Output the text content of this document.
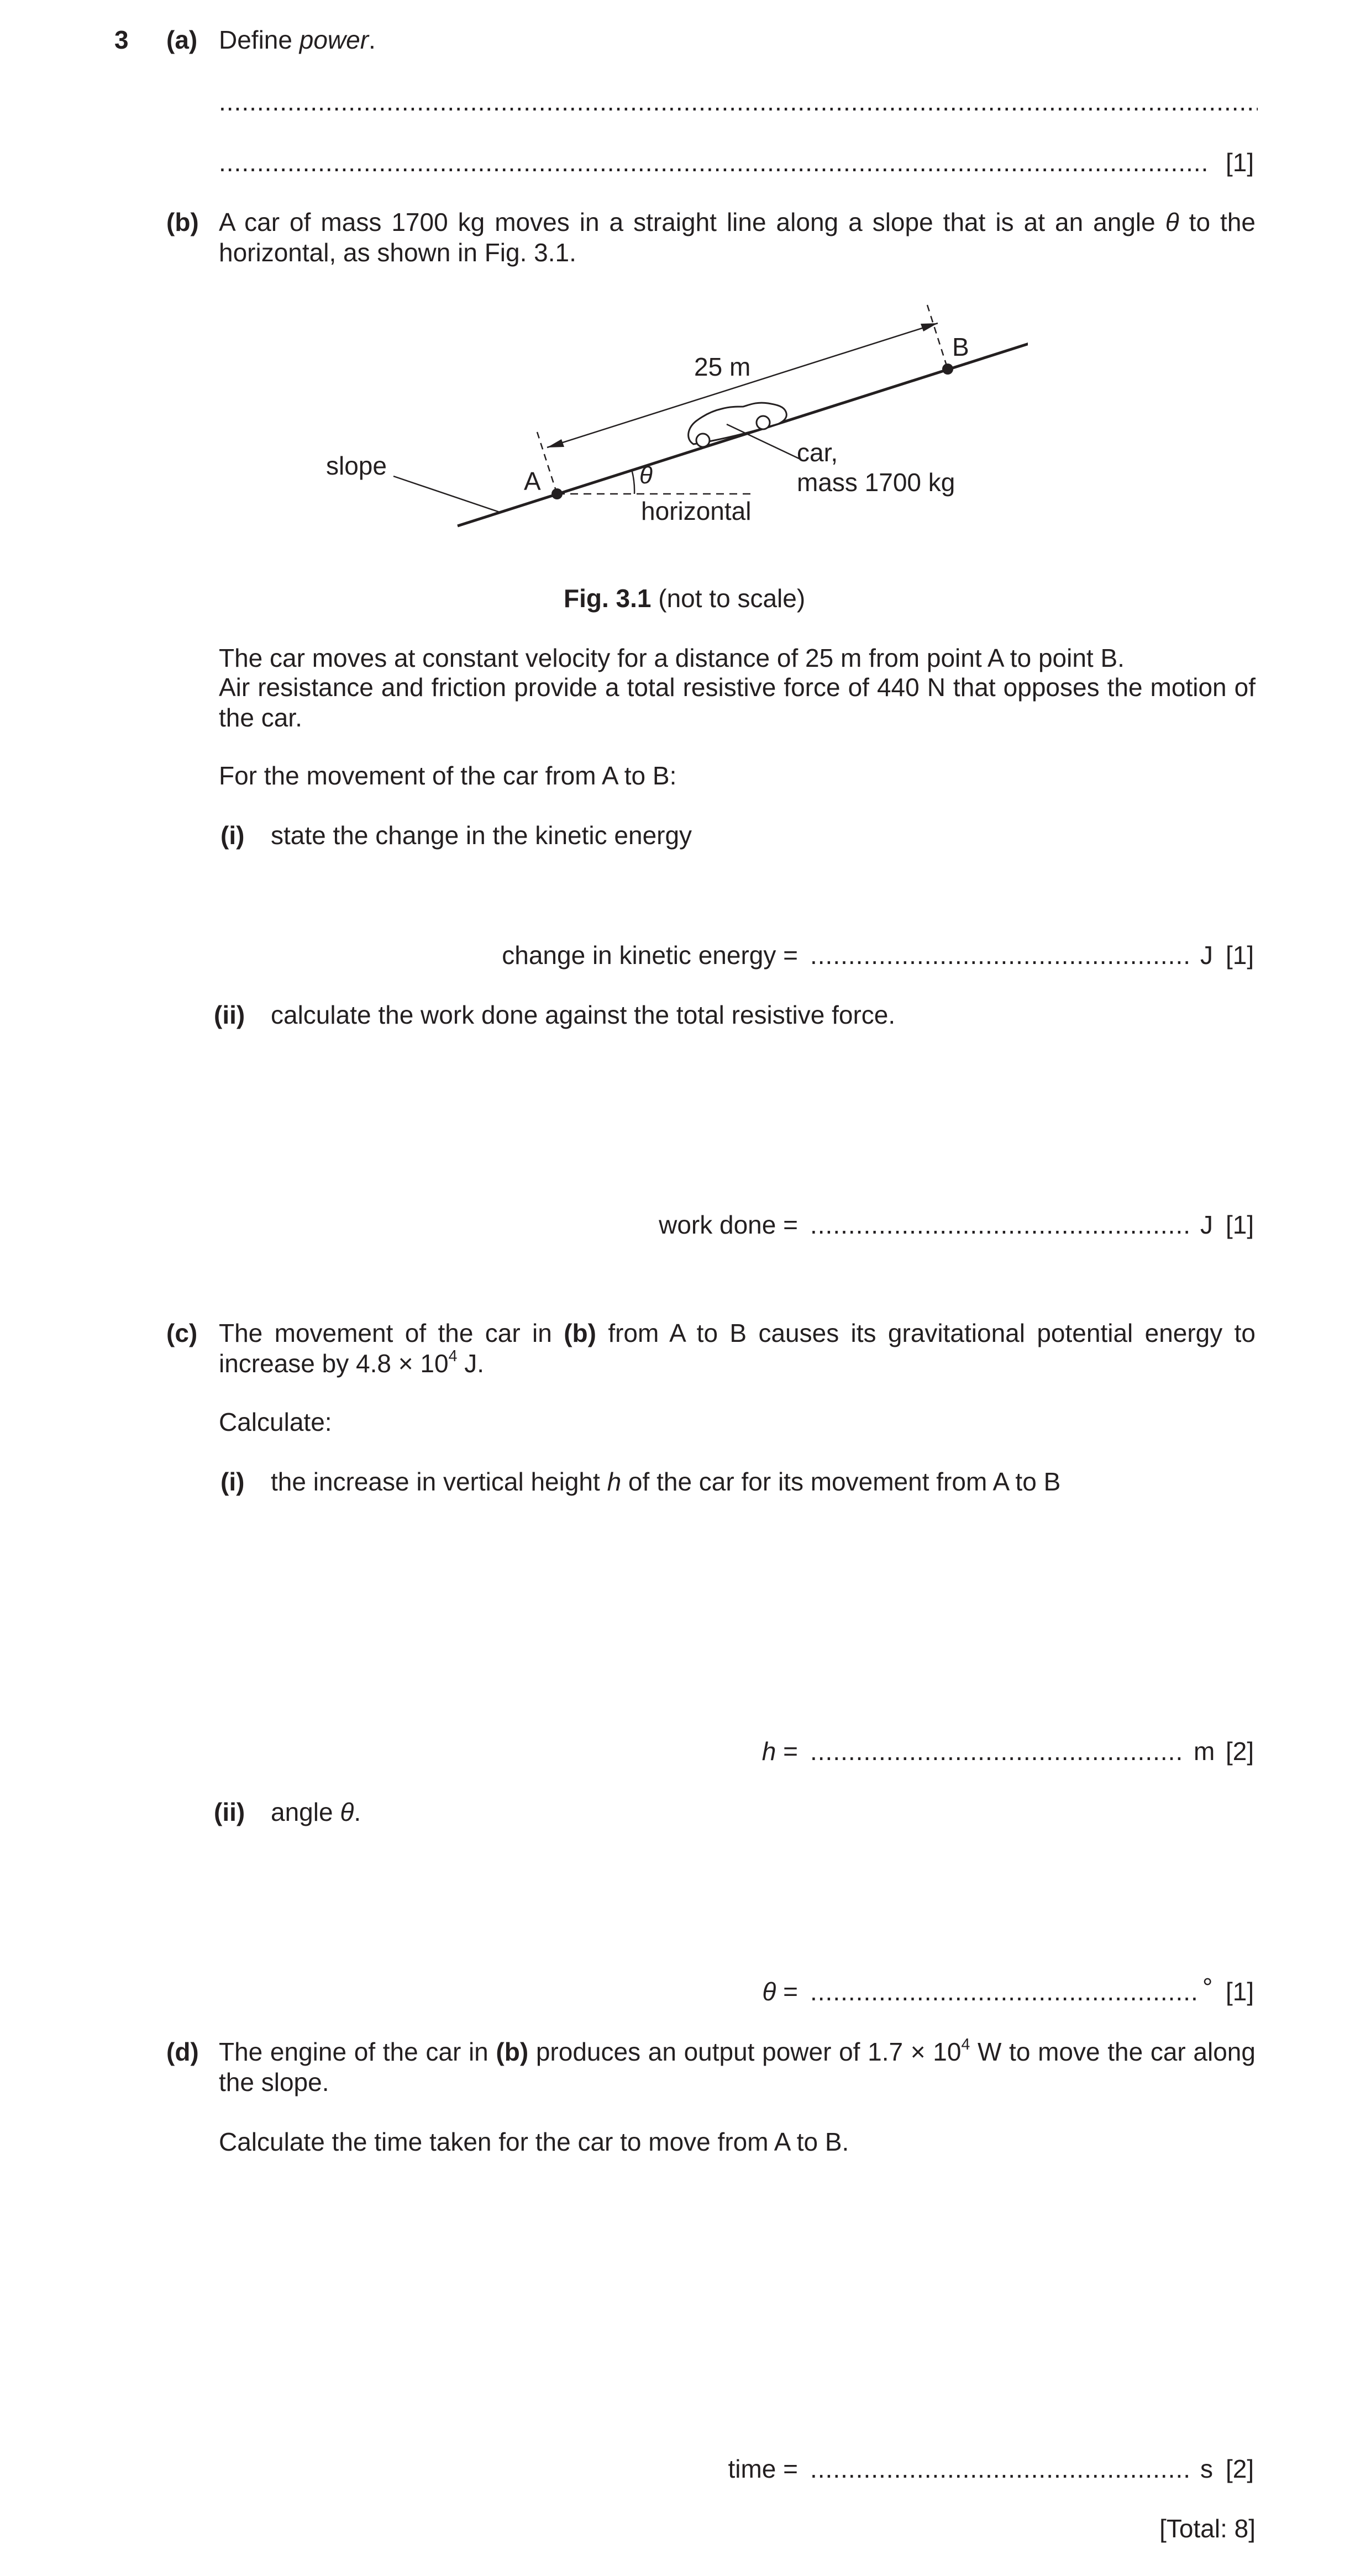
3 (a) Define power.
.....
.....
[1]
(b) A car of mass 1700 kg moves in a straight line along a slope that is at an angle θ to the horizontal, as shown in Fig. 3.1.
slope
A
B
25 m
θ
horizontal
car,
mass 1700 kg
Fig. 3.1 (not to scale)
The car moves at constant velocity for a distance of 25 m from point A to point B.
Air resistance and friction provide a total resistive force of 440 N that opposes the motion of the car.
For the movement of the car from A to B:
(i) state the change in the kinetic energy
change in kinetic energy = .....	J [1]
(ii) calculate the work done against the total resistive force.
work done = .....	J [1]
(c) The movement of the car in (b) from A to B causes its gravitational potential energy to increase by $4.8 \times 10^4$ J.
Calculate:
(i) the increase in vertical height h of the car for its movement from A to B
h = .....	m [2]
(ii) angle θ.
θ = .....	° [1]
(d) The engine of the car in (b) produces an output power of $1.7 \times 10^4$ W to move the car along the slope.
Calculate the time taken for the car to move from A to B.
time = .....	s [2]
[Total: 8]
